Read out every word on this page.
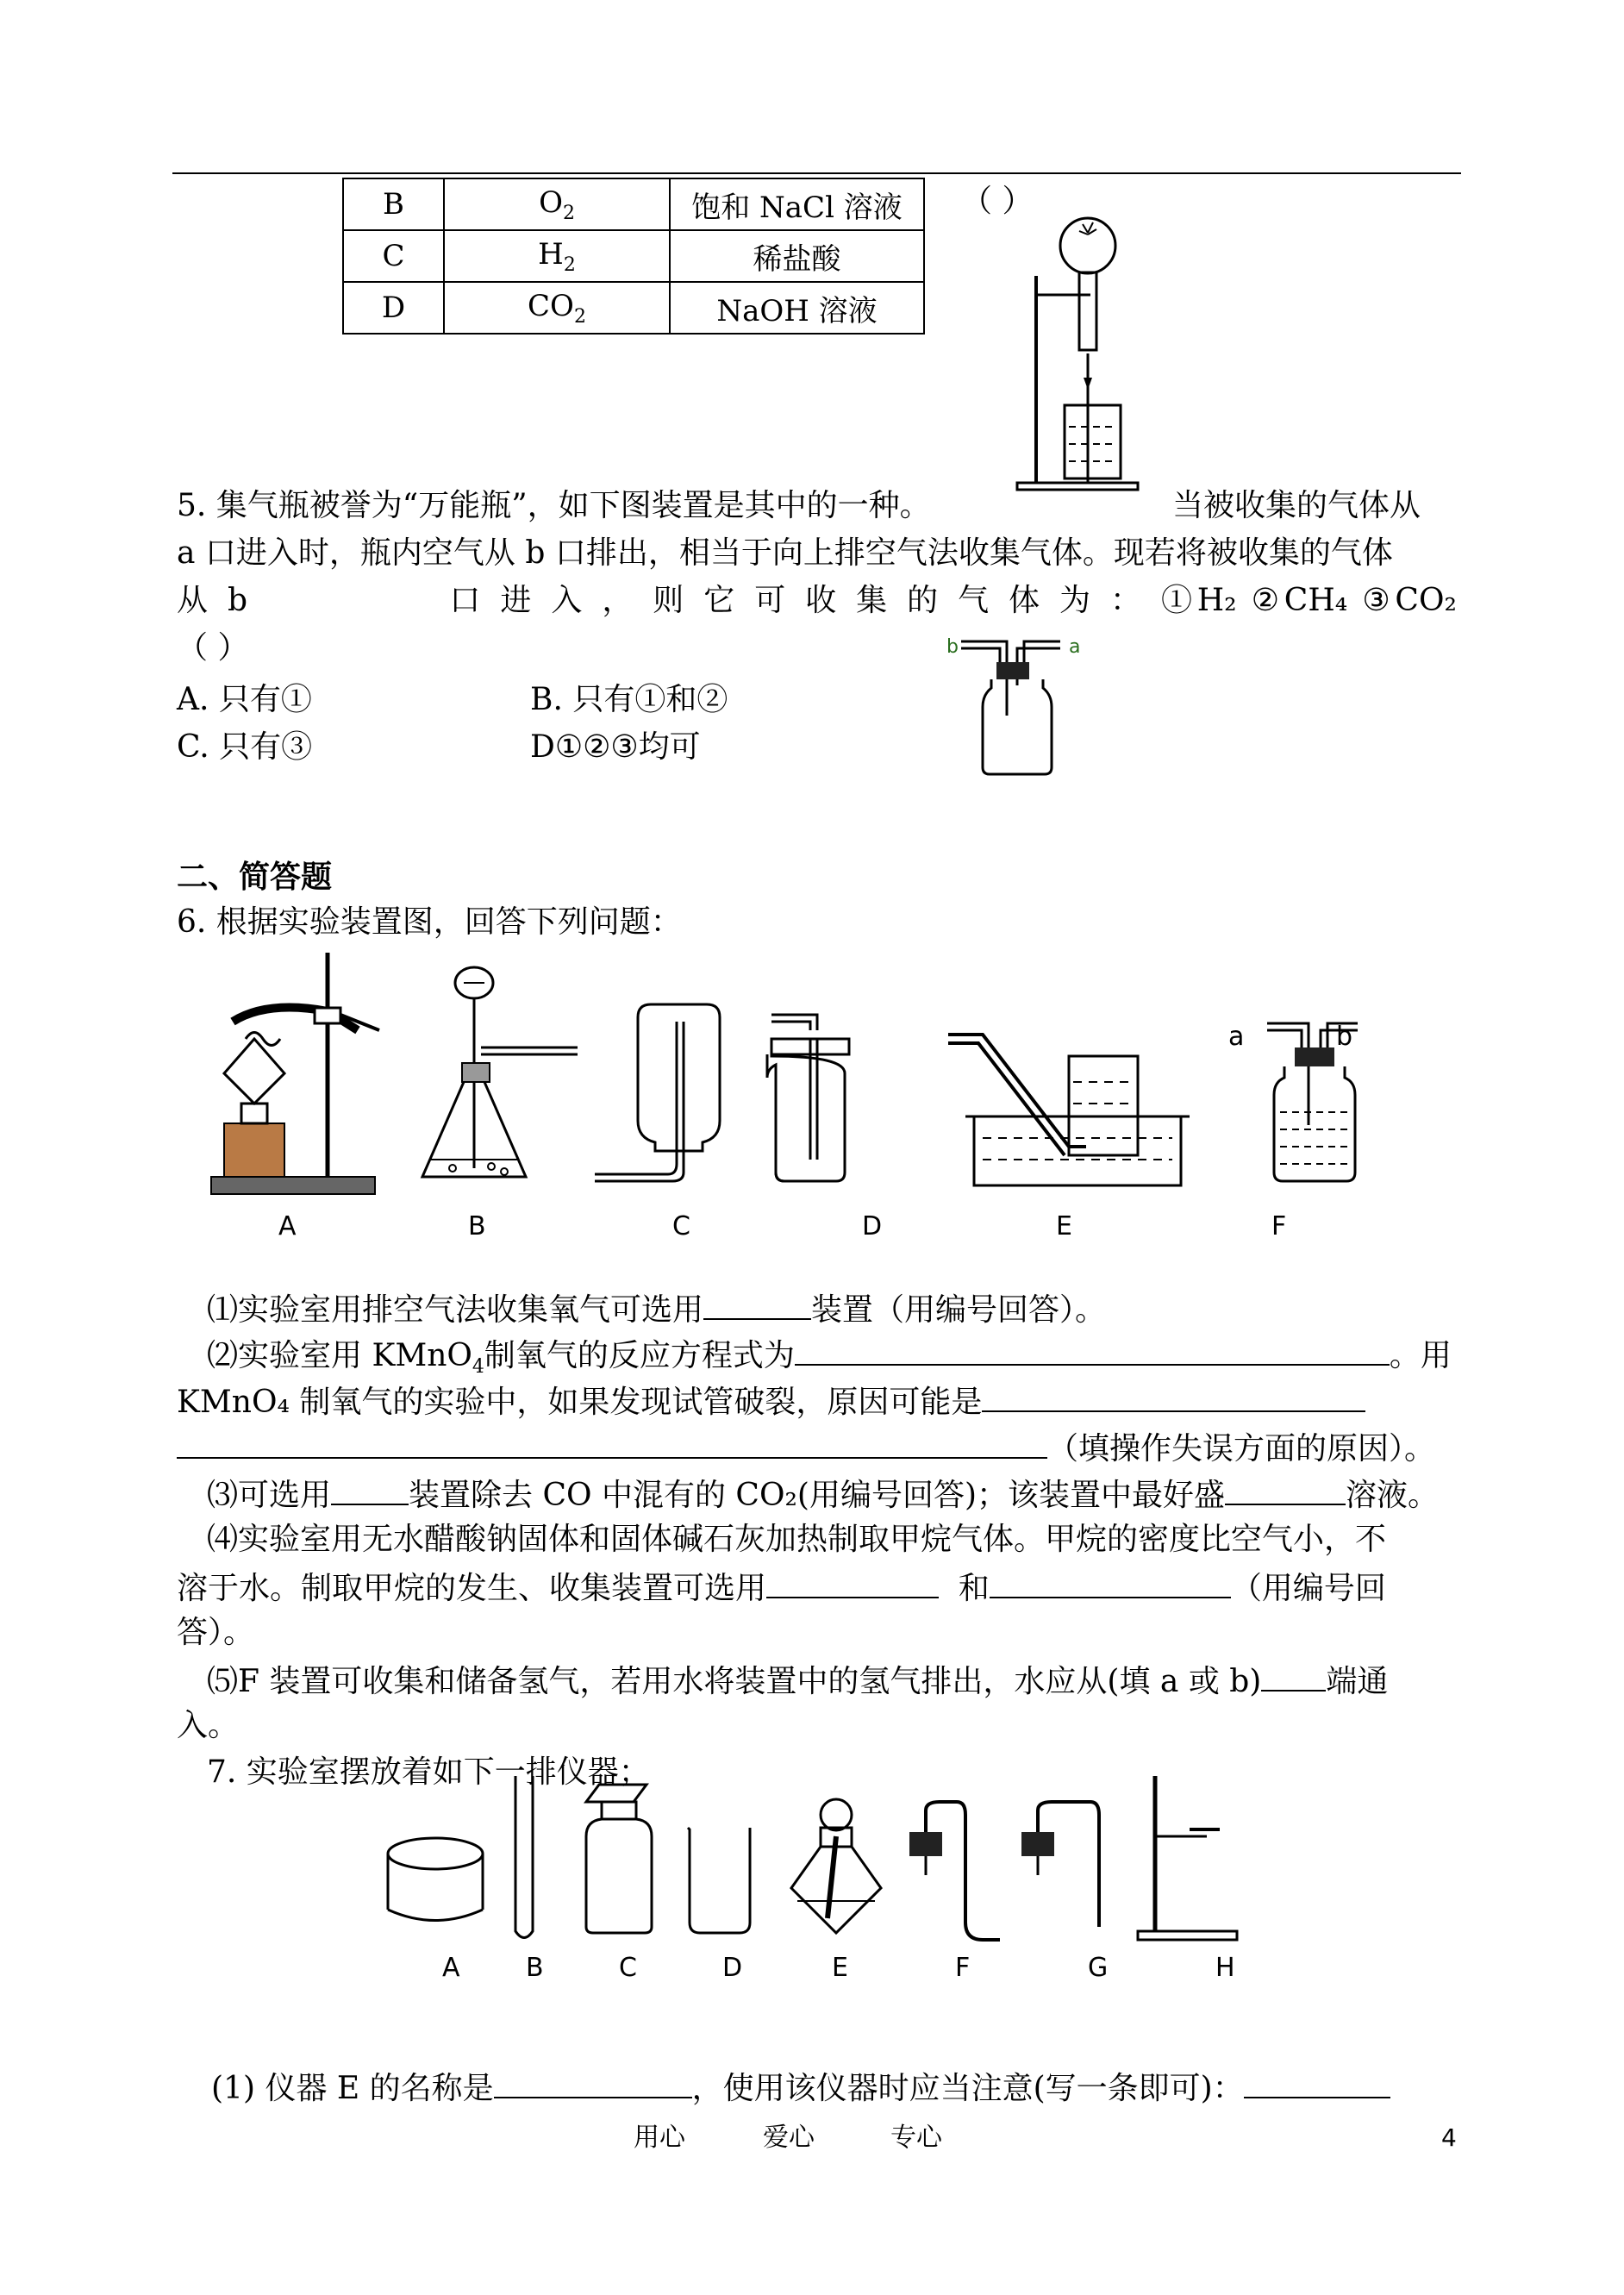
B	$O_2$	饱和 NaCl 溶液
C	$H_2$	稀盐酸
D	$CO_2$	NaOH 溶液
（ ）
5. 集气瓶被誉为“万能瓶”，如下图装置是其中的一种。	当被收集的气体从
a 口进入时，瓶内空气从 b 口排出，相当于向上排空气法收集气体。现若将被收集的气体
从 b	口 进 入 ， 则 它 可 收 集 的 气 体 为 ： ①H₂ ②CH₄ ③CO₂
（ ）
A. 只有①	B. 只有①和②
C. 只有③	D①②③均可
b	a
二、简答题
6. 根据实验装置图，回答下列问题：
a	b
A	B	C	D	E	F
⑴实验室用排空气法收集氧气可选用	装置（用编号回答）。
⑵实验室用 KMnO$_4$制氧气的反应方程式为	。用
KMnO₄ 制氧气的实验中，如果发现试管破裂，原因可能是
（填操作失误方面的原因）。
⑶可选用	装置除去 CO 中混有的 CO₂(用编号回答)；该装置中最好盛	溶液。
⑷实验室用无水醋酸钠固体和固体碱石灰加热制取甲烷气体。甲烷的密度比空气小，不
溶于水。制取甲烷的发生、收集装置可选用	和	（用编号回
答）。
⑸F 装置可收集和储备氢气，若用水将装置中的氢气排出，水应从(填 a 或 b) 端通
入。
7. 实验室摆放着如下一排仪器；
A	B	C	D	E	F	G	H
(1) 仪器 E 的名称是	，使用该仪器时应当注意(写一条即可)：
用心	爱心	专心	4
